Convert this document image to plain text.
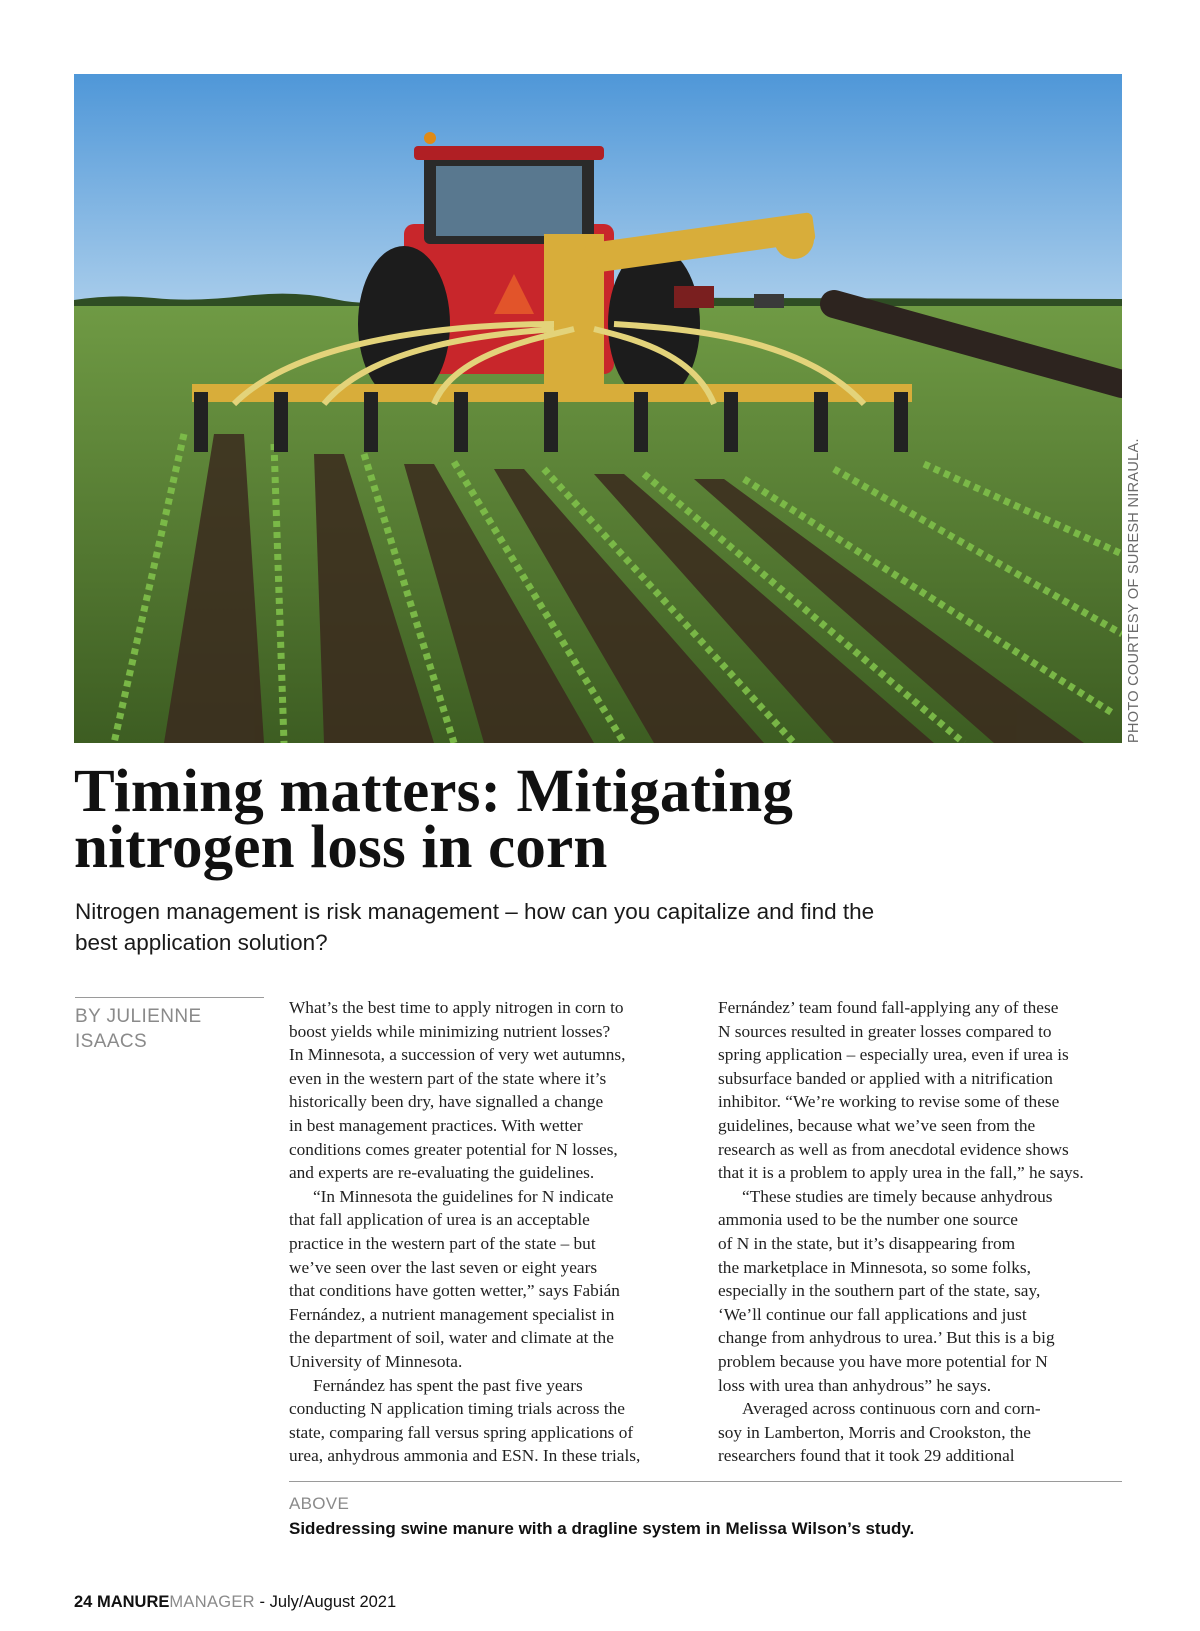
PHOTO COURTESY OF SURESH NIRAULA.
Timing matters: Mitigating
nitrogen loss in corn

Nitrogen management is risk management – how can you capitalize and find the
best application solution?

BY JULIENNE
ISAACS
What’s the best time to apply nitrogen in corn to
boost yields while minimizing nutrient losses?
In Minnesota, a succession of very wet autumns,
even in the western part of the state where it’s
historically been dry, have signalled a change
in best management practices. With wetter
conditions comes greater potential for N losses,
and experts are re-evaluating the guidelines.
“In Minnesota the guidelines for N indicate
that fall application of urea is an acceptable
practice in the western part of the state – but
we’ve seen over the last seven or eight years
that conditions have gotten wetter,” says Fabián
Fernández, a nutrient management specialist in
the department of soil, water and climate at the
University of Minnesota.
Fernández has spent the past five years
conducting N application timing trials across the
state, comparing fall versus spring applications of
urea, anhydrous ammonia and ESN. In these trials,
Fernández’ team found fall-applying any of these
N sources resulted in greater losses compared to
spring application – especially urea, even if urea is
subsurface banded or applied with a nitrification
inhibitor. “We’re working to revise some of these
guidelines, because what we’ve seen from the
research as well as from anecdotal evidence shows
that it is a problem to apply urea in the fall,” he says.
“These studies are timely because anhydrous
ammonia used to be the number one source
of N in the state, but it’s disappearing from
the marketplace in Minnesota, so some folks,
especially in the southern part of the state, say,
‘We’ll continue our fall applications and just
change from anhydrous to urea.’ But this is a big
problem because you have more potential for N
loss with urea than anhydrous” he says.
Averaged across continuous corn and corn-
soy in Lamberton, Morris and Crookston, the
researchers found that it took 29 additional
ABOVE
Sidedressing swine manure with a dragline system in Melissa Wilson’s study.
24 MANUREMANAGER - July/August 2021
